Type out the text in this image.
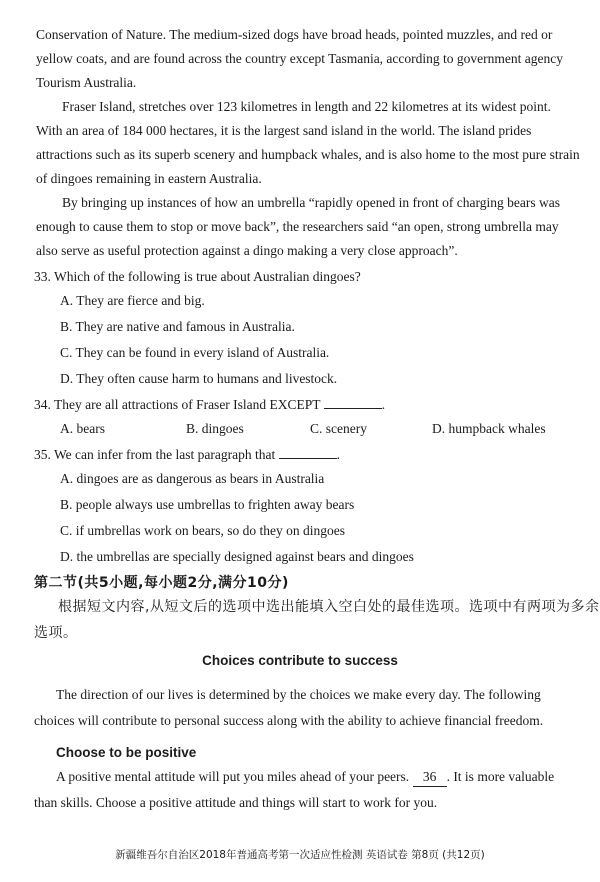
Conservation of Nature. The medium-sized dogs have broad heads, pointed muzzles, and red or
yellow coats, and are found across the country except Tasmania, according to government agency
Tourism Australia.
Fraser Island, stretches over 123 kilometres in length and 22 kilometres at its widest point.
With an area of 184 000 hectares, it is the largest sand island in the world. The island prides
attractions such as its superb scenery and humpback whales, and is also home to the most pure strain
of dingoes remaining in eastern Australia.
By bringing up instances of how an umbrella “rapidly opened in front of charging bears was
enough to cause them to stop or move back”, the researchers said “an open, strong umbrella may
also serve as useful protection against a dingo making a very close approach”.
33. Which of the following is true about Australian dingoes?
A. They are fierce and big.
B. They are native and famous in Australia.
C. They can be found in every island of Australia.
D. They often cause harm to humans and livestock.
34. They are all attractions of Fraser Island EXCEPT	.
A. bears	B. dingoes	C. scenery	D. humpback whales
35. We can infer from the last paragraph that	.
A. dingoes are as dangerous as bears in Australia
B. people always use umbrellas to frighten away bears
C. if umbrellas work on bears, so do they on dingoes
D. the umbrellas are specially designed against bears and dingoes
第二节(共5小题,每小题2分,满分10分)
根据短文内容,从短文后的选项中选出能填入空白处的最佳选项。选项中有两项为多余
选项。
Choices contribute to success
The direction of our lives is determined by the choices we make every day. The following
choices will contribute to personal success along with the ability to achieve financial freedom.
Choose to be positive
A positive mental attitude will put you miles ahead of your peers. 36 . It is more valuable
than skills. Choose a positive attitude and things will start to work for you.
新疆维吾尔自治区2018年普通高考第一次适应性检测 英语试卷 第8页 (共12页)
